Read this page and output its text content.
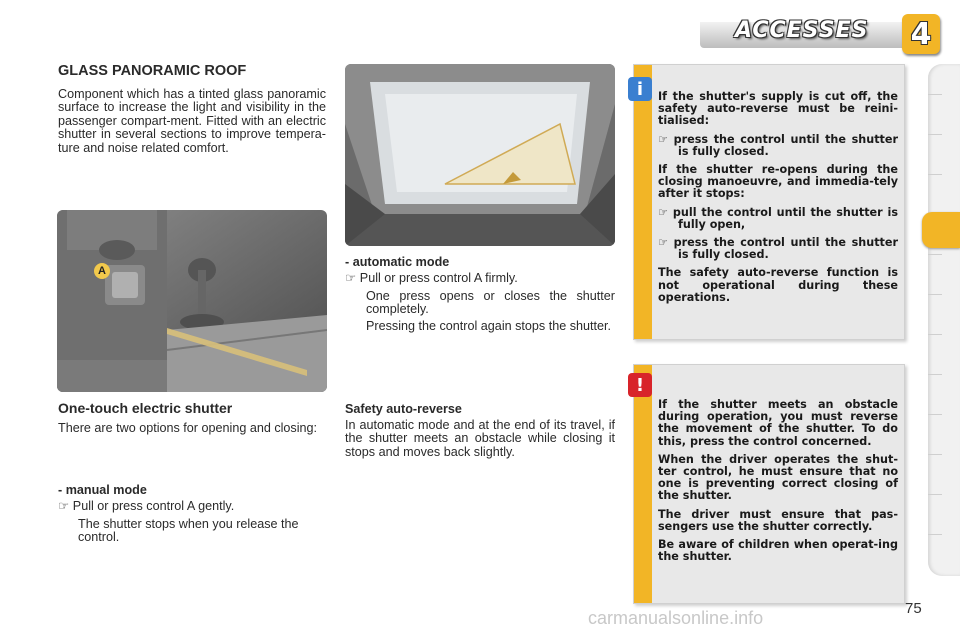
ACCESSES 4
GLASS PANORAMIC ROOF
Component which has a tinted glass panoramic surface to increase the light and visibility in the passenger compart-ment. Fitted with an electric shutter in several sections to improve tempera-ture and noise related comfort.
A
One-touch electric shutter
There are two options for opening and closing:
- manual mode
☞ Pull or press control A gently.
The shutter stops when you release the control.
- automatic mode
☞ Pull or press control A firmly.
One press opens or closes the shutter completely.
Pressing the control again stops the shutter.
Safety auto-reverse
In automatic mode and at the end of its travel, if the shutter meets an obstacle while closing it stops and moves back slightly.
i	If the shutter's supply is cut off, the safety auto-reverse must be reini-tialised:

☞ press the control until the shutter is fully closed.

If the shutter re-opens during the closing manoeuvre, and immedia-tely after it stops:

☞ pull the control until the shutter is fully open,

☞ press the control until the shutter is fully closed.

The safety auto-reverse function is not operational during these operations.

!

If the shutter meets an obstacle during operation, you must reverse the movement of the shutter. To do this, press the control concerned.

When the driver operates the shut-ter control, he must ensure that no one is preventing correct closing of the shutter.

The driver must ensure that pas-sengers use the shutter correctly.

Be aware of children when operat-ing the shutter.

carmanualsonline.info	75
